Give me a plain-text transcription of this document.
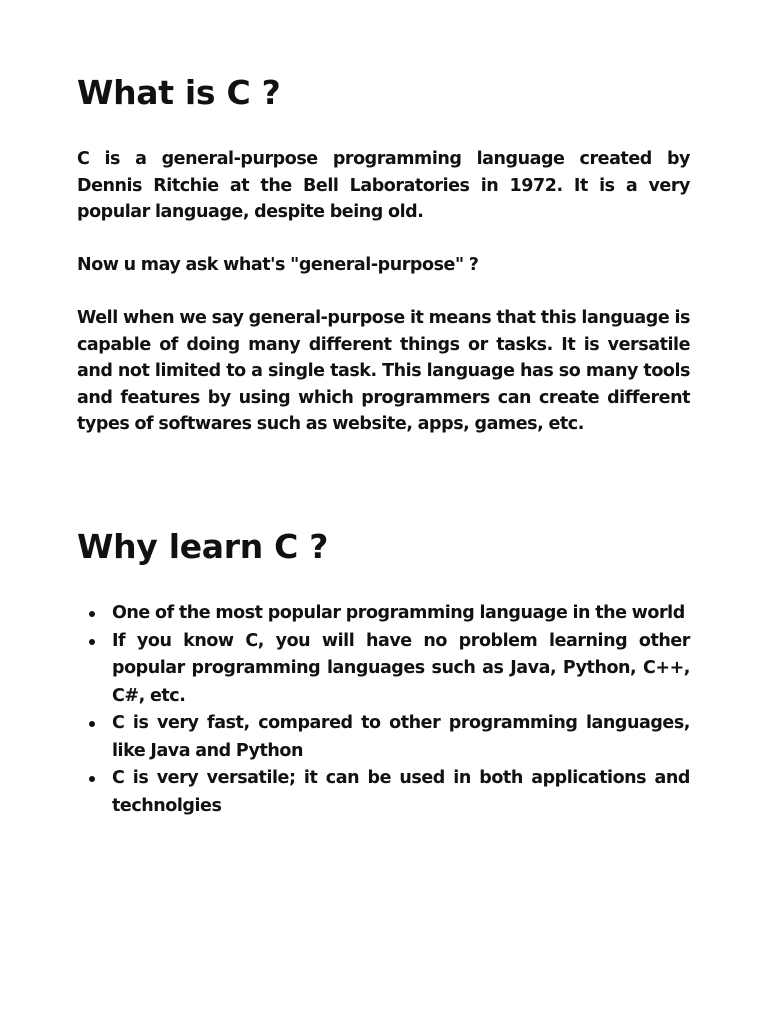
What is C ?

C is a general-purpose programming language created by Dennis Ritchie at the Bell Laboratories in 1972. It is a very popular language, despite being old.

Now u may ask what's "general-purpose" ?

Well when we say general-purpose it means that this language is capable of doing many different things or tasks. It is versatile and not limited to a single task. This language has so many tools and features by using which programmers can create different types of softwares such as website, apps, games, etc.

Why learn C ?
One of the most popular programming language in the world
If you know C, you will have no problem learning other popular programming languages such as Java, Python, C++, C#, etc.
C is very fast, compared to other programming languages, like Java and Python
C is very versatile; it can be used in both applications and technolgies
